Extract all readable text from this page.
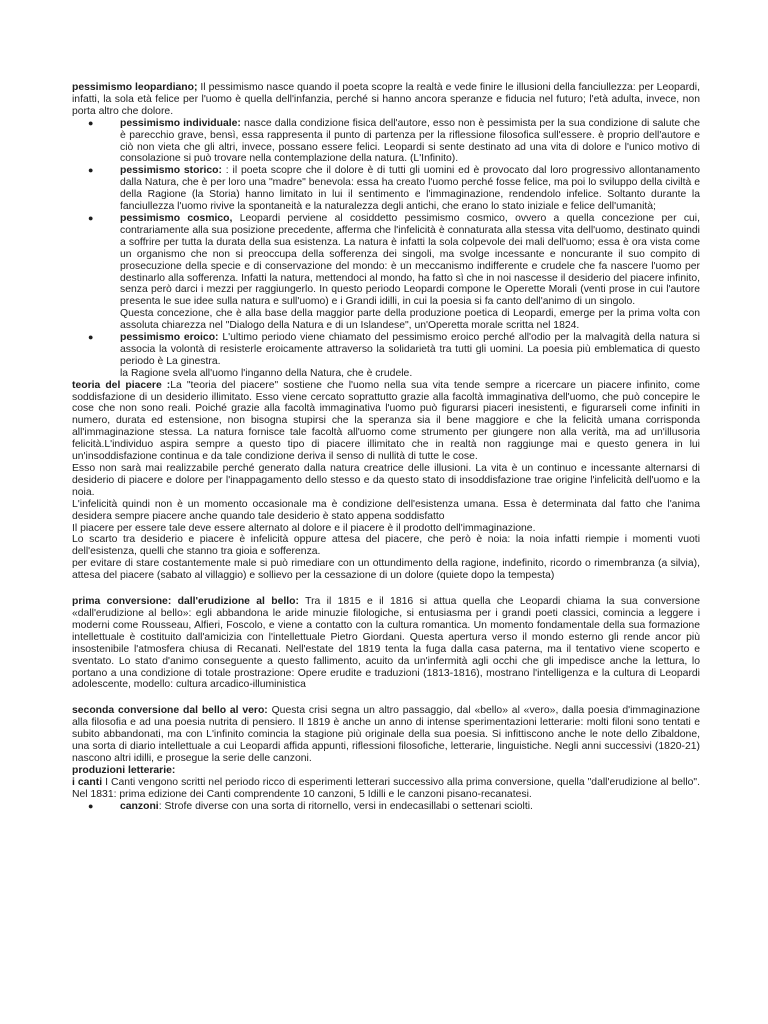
pessimismo leopardiano; Il pessimismo nasce quando il poeta scopre la realtà e vede finire le illusioni della fanciullezza: per Leopardi, infatti, la sola età felice per l'uomo è quella dell'infanzia, perché si hanno ancora speranze e fiducia nel futuro; l'età adulta, invece, non porta altro che dolore.

●	pessimismo individuale: nasce dalla condizione fisica dell'autore, esso non è pessimista per la sua condizione di salute che è parecchio grave, bensì, essa rappresenta il punto di partenza per la riflessione filosofica sull'essere. è proprio dell'autore e ciò non vieta che gli altri, invece, possano essere felici. Leopardi si sente destinato ad una vita di dolore e l'unico motivo di consolazione si può trovare nella contemplazione della natura. (L'Infinito).
●	pessimismo storico: : il poeta scopre che il dolore è di tutti gli uomini ed è provocato dal loro progressivo allontanamento dalla Natura, che è per loro una "madre" benevola: essa ha creato l'uomo perché fosse felice, ma poi lo sviluppo della civiltà e della Ragione (la Storia) hanno limitato in lui il sentimento e l'immaginazione, rendendolo infelice. Soltanto durante la fanciullezza l'uomo rivive la spontaneità e la naturalezza degli antichi, che erano lo stato iniziale e felice dell'umanità;
●	pessimismo cosmico, Leopardi perviene al cosiddetto pessimismo cosmico, ovvero a quella concezione per cui, contrariamente alla sua posizione precedente, afferma che l'infelicità è connaturata alla stessa vita dell'uomo, destinato quindi a soffrire per tutta la durata della sua esistenza. La natura è infatti la sola colpevole dei mali dell'uomo; essa è ora vista come un organismo che non si preoccupa della sofferenza dei singoli, ma svolge incessante e noncurante il suo compito di prosecuzione della specie e di conservazione del mondo: è un meccanismo indifferente e crudele che fa nascere l'uomo per destinarlo alla sofferenza. Infatti la natura, mettendoci al mondo, ha fatto sì che in noi nascesse il desiderio del piacere infinito, senza però darci i mezzi per raggiungerlo. In questo periodo Leopardi compone le Operette Morali (venti prose in cui l'autore presenta le sue idee sulla natura e sull'uomo) e i Grandi idilli, in cui la poesia si fa canto dell'animo di un singolo.
Questa concezione, che è alla base della maggior parte della produzione poetica di Leopardi, emerge per la prima volta con assoluta chiarezza nel "Dialogo della Natura e di un Islandese", un'Operetta morale scritta nel 1824.
●	pessimismo eroico: L'ultimo periodo viene chiamato del pessimismo eroico perché all'odio per la malvagità della natura si associa la volontà di resisterle eroicamente attraverso la solidarietà tra tutti gli uomini. La poesia più emblematica di questo periodo è La ginestra.
la Ragione svela all'uomo l'inganno della Natura, che è crudele.

teoria del piacere :La "teoria del piacere" sostiene che l'uomo nella sua vita tende sempre a ricercare un piacere infinito, come soddisfazione di un desiderio illimitato. Esso viene cercato soprattutto grazie alla facoltà immaginativa dell'uomo, che può concepire le cose che non sono reali. Poiché grazie alla facoltà immaginativa l'uomo può figurarsi piaceri inesistenti, e figurarseli come infiniti in numero, durata ed estensione, non bisogna stupirsi che la speranza sia il bene maggiore e che la felicità umana corrisponda all'immaginazione stessa. La natura fornisce tale facoltà all'uomo come strumento per giungere non alla verità, ma ad un'illusoria felicità.L'individuo aspira sempre a questo tipo di piacere illimitato che in realtà non raggiunge mai e questo genera in lui un'insoddisfazione continua e da tale condizione deriva il senso di nullità di tutte le cose.

Esso non sarà mai realizzabile perché generato dalla natura creatrice delle illusioni. La vita è un continuo e incessante alternarsi di desiderio di piacere e dolore per l'inappagamento dello stesso e da questo stato di insoddisfazione trae origine l'infelicità dell'uomo e la noia.

L'infelicità quindi non è un momento occasionale ma è condizione dell'esistenza umana. Essa è determinata dal fatto che l'anima desidera sempre piacere anche quando tale desiderio è stato appena soddisfatto

Il piacere per essere tale deve essere alternato al dolore e il piacere è il prodotto dell'immaginazione.

Lo scarto tra desiderio e piacere è infelicità oppure attesa del piacere, che però è noia: la noia infatti riempie i momenti vuoti dell'esistenza, quelli che stanno tra gioia e sofferenza.

per evitare di stare costantemente male si può rimediare con un ottundimento della ragione, indefinito, ricordo o rimembranza (a silvia), attesa del piacere (sabato al villaggio) e sollievo per la cessazione di un dolore (quiete dopo la tempesta)

prima conversione: dall'erudizione al bello: Tra il 1815 e il 1816 si attua quella che Leopardi chiama la sua conversione «dall'erudizione al bello»: egli abbandona le aride minuzie filologiche, si entusiasma per i grandi poeti classici, comincia a leggere i moderni come Rousseau, Alfieri, Foscolo, e viene a contatto con la cultura romantica. Un momento fondamentale della sua formazione intellettuale è costituito dall'amicizia con l'intellettuale Pietro Giordani. Questa apertura verso il mondo esterno gli rende ancor più insostenibile l'atmosfera chiusa di Recanati. Nell'estate del 1819 tenta la fuga dalla casa paterna, ma il tentativo viene scoperto e sventato. Lo stato d'animo conseguente a questo fallimento, acuito da un'infermità agli occhi che gli impedisce anche la lettura, lo portano a una condizione di totale prostrazione: Opere erudite e traduzioni (1813-1816), mostrano l'intelligenza e la cultura di Leopardi adolescente, modello: cultura arcadico-illuministica

seconda conversione dal bello al vero: Questa crisi segna un altro passaggio, dal «bello» al «vero», dalla poesia d'immaginazione alla filosofia e ad una poesia nutrita di pensiero. Il 1819 è anche un anno di intense sperimentazioni letterarie: molti filoni sono tentati e subito abbandonati, ma con L'infinito comincia la stagione più originale della sua poesia. Si infittiscono anche le note dello Zibaldone, una sorta di diario intellettuale a cui Leopardi affida appunti, riflessioni filosofiche, letterarie, linguistiche. Negli anni successivi (1820-21) nascono altri idilli, e prosegue la serie delle canzoni.

produzioni letterarie:

i canti I Canti vengono scritti nel periodo ricco di esperimenti letterari successivo alla prima conversione, quella "dall'erudizione al bello". Nel 1831: prima edizione dei Canti comprendente 10 canzoni, 5 Idilli e le canzoni pisano-recanatesi.

●	canzoni: Strofe diverse con una sorta di ritornello, versi in endecasillabi o settenari sciolti.
